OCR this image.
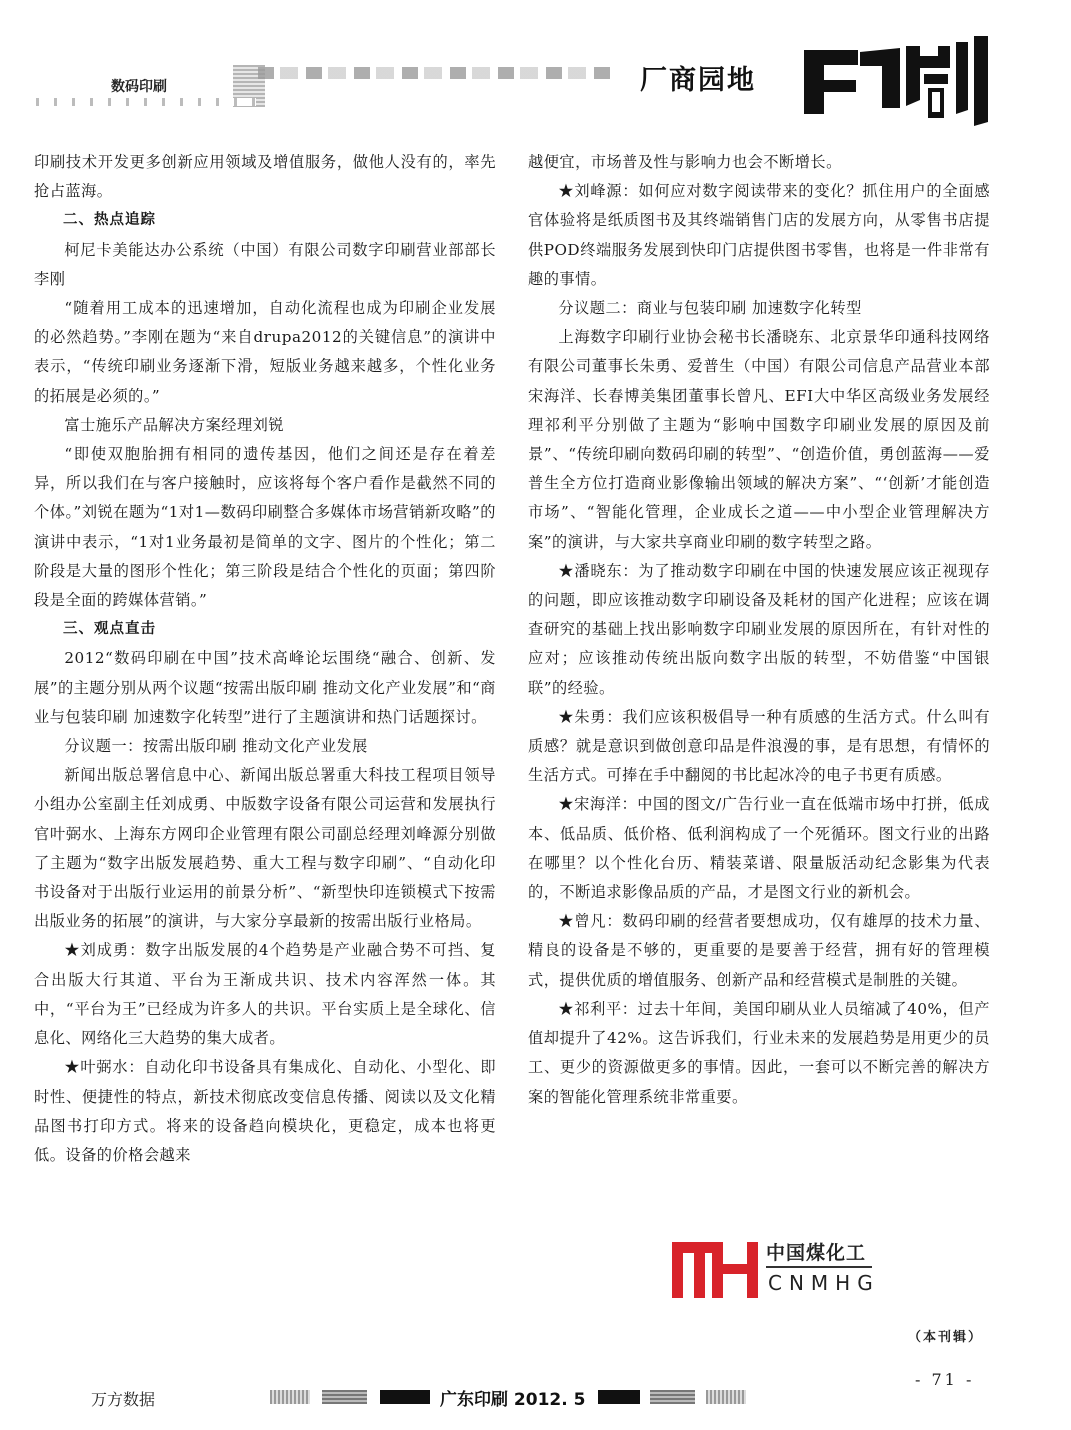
数码印刷	厂商园地

印刷技术开发更多创新应用领域及增值服务，做他人没有的，率先抢占蓝海。

二、热点追踪

柯尼卡美能达办公系统（中国）有限公司数字印刷营业部部长李刚

“随着用工成本的迅速增加，自动化流程也成为印刷企业发展的必然趋势。”李刚在题为“来自drupa2012的关键信息”的演讲中表示，“传统印刷业务逐渐下滑，短版业务越来越多，个性化业务的拓展是必须的。”

富士施乐产品解决方案经理刘锐

“即使双胞胎拥有相同的遗传基因，他们之间还是存在着差异，所以我们在与客户接触时，应该将每个客户看作是截然不同的个体。”刘锐在题为“1对1—数码印刷整合多媒体市场营销新攻略”的演讲中表示，“1对1业务最初是简单的文字、图片的个性化；第二阶段是大量的图形个性化；第三阶段是结合个性化的页面；第四阶段是全面的跨媒体营销。”

三、观点直击

2012“数码印刷在中国”技术高峰论坛围绕“融合、创新、发展”的主题分别从两个议题“按需出版印刷 推动文化产业发展”和“商业与包装印刷 加速数字化转型”进行了主题演讲和热门话题探讨。

分议题一：按需出版印刷 推动文化产业发展

新闻出版总署信息中心、新闻出版总署重大科技工程项目领导小组办公室副主任刘成勇、中版数字设备有限公司运营和发展执行官叶弼水、上海东方网印企业管理有限公司副总经理刘峰源分别做了主题为“数字出版发展趋势、重大工程与数字印刷”、“自动化印书设备对于出版行业运用的前景分析”、“新型快印连锁模式下按需出版业务的拓展”的演讲，与大家分享最新的按需出版行业格局。

★刘成勇：数字出版发展的4个趋势是产业融合势不可挡、复合出版大行其道、平台为王渐成共识、技术内容浑然一体。其中，“平台为王”已经成为许多人的共识。平台实质上是全球化、信息化、网络化三大趋势的集大成者。

★叶弼水：自动化印书设备具有集成化、自动化、小型化、即时性、便捷性的特点，新技术彻底改变信息传播、阅读以及文化精品图书打印方式。将来的设备趋向模块化，更稳定，成本也将更低。设备的价格会越来

越便宜，市场普及性与影响力也会不断增长。

★刘峰源：如何应对数字阅读带来的变化？抓住用户的全面感官体验将是纸质图书及其终端销售门店的发展方向，从零售书店提供POD终端服务发展到快印门店提供图书零售，也将是一件非常有趣的事情。

分议题二：商业与包装印刷 加速数字化转型

上海数字印刷行业协会秘书长潘晓东、北京景华印通科技网络有限公司董事长朱勇、爱普生（中国）有限公司信息产品营业本部宋海洋、长春博美集团董事长曾凡、EFI大中华区高级业务发展经理祁利平分别做了主题为“影响中国数字印刷业发展的原因及前景”、“传统印刷向数码印刷的转型”、“创造价值，勇创蓝海——爱普生全方位打造商业影像输出领域的解决方案”、“‘创新’才能创造市场”、“智能化管理，企业成长之道——中小型企业管理解决方案”的演讲，与大家共享商业印刷的数字转型之路。

★潘晓东：为了推动数字印刷在中国的快速发展应该正视现存的问题，即应该推动数字印刷设备及耗材的国产化进程；应该在调查研究的基础上找出影响数字印刷业发展的原因所在，有针对性的应对；应该推动传统出版向数字出版的转型，不妨借鉴“中国银联”的经验。

★朱勇：我们应该积极倡导一种有质感的生活方式。什么叫有质感？就是意识到做创意印品是件浪漫的事，是有思想，有情怀的生活方式。可捧在手中翻阅的书比起冰冷的电子书更有质感。

★宋海洋：中国的图文/广告行业一直在低端市场中打拼，低成本、低品质、低价格、低利润构成了一个死循环。图文行业的出路在哪里？以个性化台历、精装菜谱、限量版活动纪念影集为代表的，不断追求影像品质的产品，才是图文行业的新机会。

★曾凡：数码印刷的经营者要想成功，仅有雄厚的技术力量、精良的设备是不够的，更重要的是要善于经营，拥有好的管理模式，提供优质的增值服务、创新产品和经营模式是制胜的关键。

★祁利平：过去十年间，美国印刷从业人员缩减了40%，但产值却提升了42%。这告诉我们，行业未来的发展趋势是用更少的员工、更少的资源做更多的事情。因此，一套可以不断完善的解决方案的智能化管理系统非常重要。

中国煤化工
CNMHG
（本刊辑）
- 71 -
万方数据	广东印刷 2012. 5
